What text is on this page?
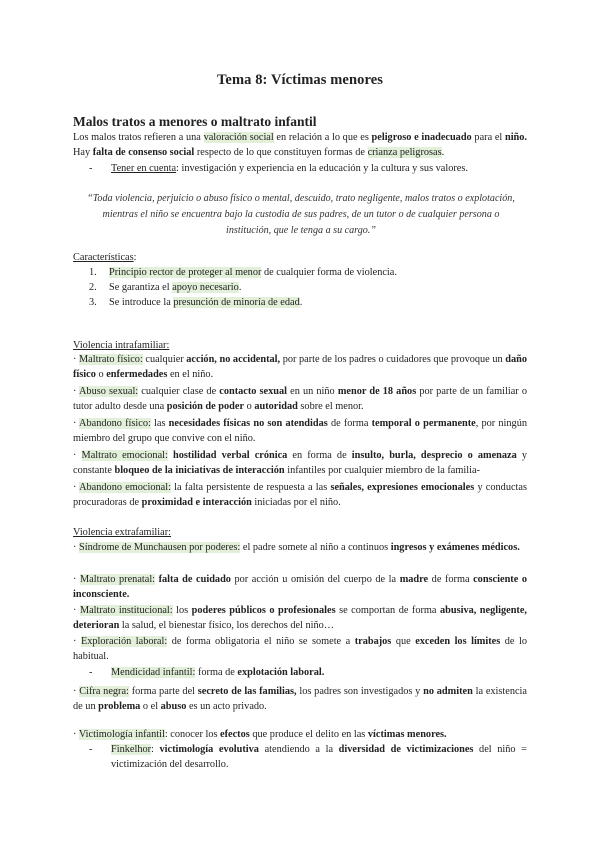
Tema 8: Víctimas menores
Malos tratos a menores o maltrato infantil
Los malos tratos refieren a una valoración social en relación a lo que es peligroso e inadecuado para el niño. Hay falta de consenso social respecto de lo que constituyen formas de crianza peligrosas.
- Tener en cuenta: investigación y experiencia en la educación y la cultura y sus valores.
“Toda violencia, perjuicio o abuso físico o mental, descuido, trato negligente, malos tratos o explotación, mientras el niño se encuentra bajo la custodia de sus padres, de un tutor o de cualquier persona o institución, que le tenga a su cargo.”
Características:
1. Principio rector de proteger al menor de cualquier forma de violencia.
2. Se garantiza el apoyo necesario.
3. Se introduce la presunción de minoría de edad.
Violencia intrafamiliar:
· Maltrato físico: cualquier acción, no accidental, por parte de los padres o cuidadores que provoque un daño físico o enfermedades en el niño.
· Abuso sexual: cualquier clase de contacto sexual en un niño menor de 18 años por parte de un familiar o tutor adulto desde una posición de poder o autoridad sobre el menor.
· Abandono físico: las necesidades físicas no son atendidas de forma temporal o permanente, por ningún miembro del grupo que convive con el niño.
· Maltrato emocional: hostilidad verbal crónica en forma de insulto, burla, desprecio o amenaza y constante bloqueo de la iniciativas de interacción infantiles por cualquier miembro de la familia-
· Abandono emocional: la falta persistente de respuesta a las señales, expresiones emocionales y conductas procuradoras de proximidad e interacción iniciadas por el niño.
Violencia extrafamiliar:
· Síndrome de Munchausen por poderes: el padre somete al niño a continuos ingresos y exámenes médicos.
· Maltrato prenatal: falta de cuidado por acción u omisión del cuerpo de la madre de forma consciente o inconsciente.
· Maltrato institucional: los poderes públicos o profesionales se comportan de forma abusiva, negligente, deterioran la salud, el bienestar físico, los derechos del niño…
· Exploración laboral: de forma obligatoria el niño se somete a trabajos que exceden los límites de lo habitual.
- Mendicidad infantil: forma de explotación laboral.
· Cifra negra: forma parte del secreto de las familias, los padres son investigados y no admiten la existencia de un problema o el abuso es un acto privado.
· Victimología infantil: conocer los efectos que produce el delito en las víctimas menores.
- Finkelhor: victimología evolutiva atendiendo a la diversidad de victimizaciones del niño = victimización del desarrollo.
